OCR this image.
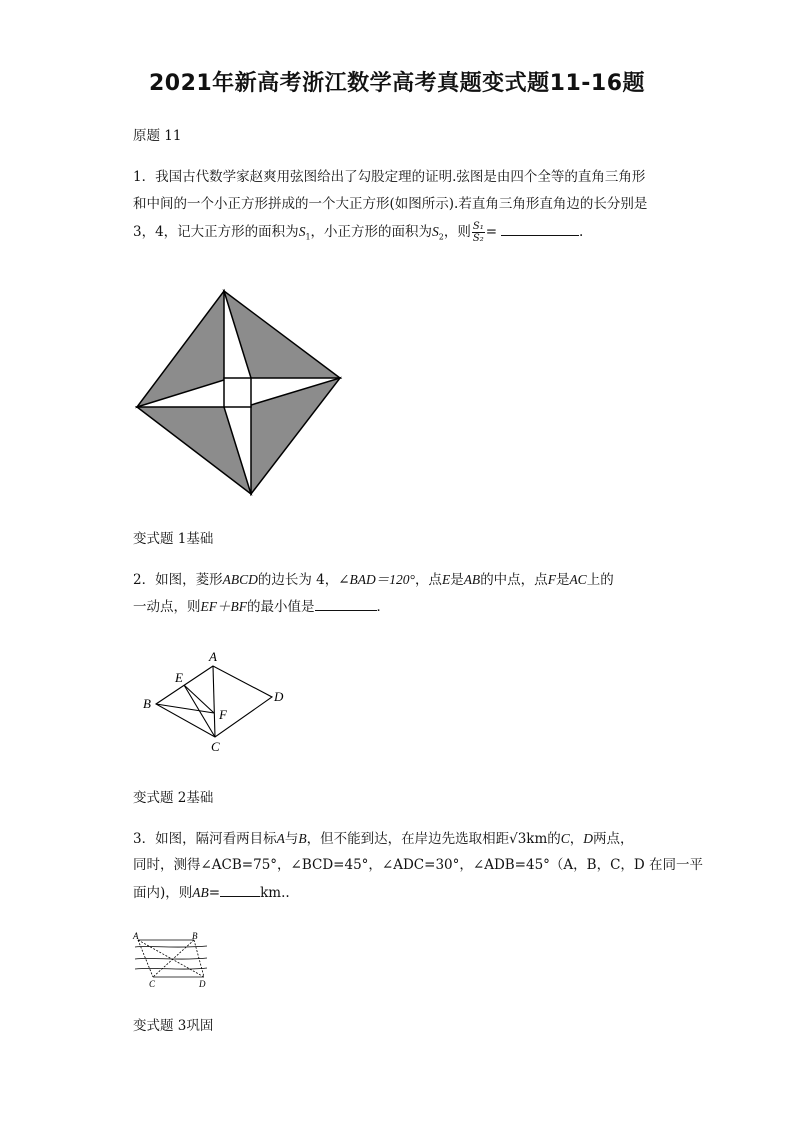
2021年新高考浙江数学高考真题变式题11-16题
原题 11
1．我国古代数学家赵爽用弦图给出了勾股定理的证明.弦图是由四个全等的直角三角形
和中间的一个小正方形拼成的一个大正方形(如图所示).若直角三角形直角边的长分别是
3，4，记大正方形的面积为$S_1$，小正方形的面积为$S_2$，则 $\frac{\text{S₁}}{\text{S₂}}$ =	.
变式题 1基础
2．如图，菱形ABCD的边长为 4，∠BAD＝120°，点E是AB的中点，点F是AC上的
一动点，则EF＋BF的最小值是	．
A
B
C
D
E
F
变式题 2基础
3．如图，隔河看两目标A与B，但不能到达，在岸边先选取相距√3km的C，D两点，
同时，测得∠ACB=75°，∠BCD=45°，∠ADC=30°，∠ADB=45°（A，B，C，D 在同一平
面内)，则AB=	km..
A	B
C	D
变式题 3巩固
